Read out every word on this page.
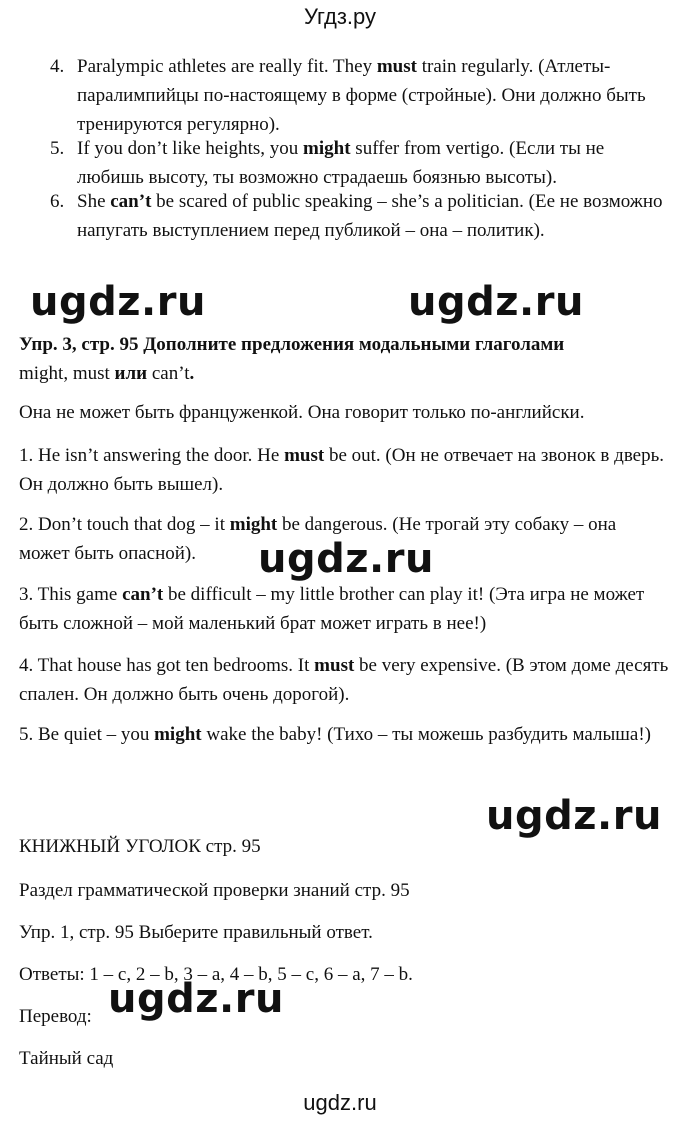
Угдз.ру
4. Paralympic athletes are really fit. They must train regularly. (Атлеты-паралимпийцы по-настоящему в форме (стройные). Они должно быть тренируются регулярно).
5. If you don’t like heights, you might suffer from vertigo. (Если ты не любишь высоту, ты возможно страдаешь боязнью высоты).
6. She can’t be scared of public speaking – she’s a politician. (Ее не возможно напугать выступлением перед публикой – она – политик).
ugdz.ru	ugdz.ru
Упр. 3, стр. 95 Дополните предложения модальными глаголами
might, must или can’t.
Она не может быть француженкой. Она говорит только по-английски.
1. He isn’t answering the door. He must be out. (Он не отвечает на звонок в дверь. Он должно быть вышел).
2. Don’t touch that dog – it might be dangerous. (Не трогай эту собаку – она может быть опасной).	ugdz.ru
3. This game can’t be difficult – my little brother can play it! (Эта игра не может быть сложной – мой маленький брат может играть в нее!)
4. That house has got ten bedrooms. It must be very expensive. (В этом доме десять спален. Он должно быть очень дорогой).
5. Be quiet – you might wake the baby! (Тихо – ты можешь разбудить малыша!)
ugdz.ru
КНИЖНЫЙ УГОЛОК стр. 95
Раздел грамматической проверки знаний стр. 95
Упр. 1, стр. 95 Выберите правильный ответ.
Ответы: 1 – c, 2 – b, 3 – a, 4 – b, 5 – c, 6 – a, 7 – b.
Перевод: ugdz.ru
Тайный сад
ugdz.ru
